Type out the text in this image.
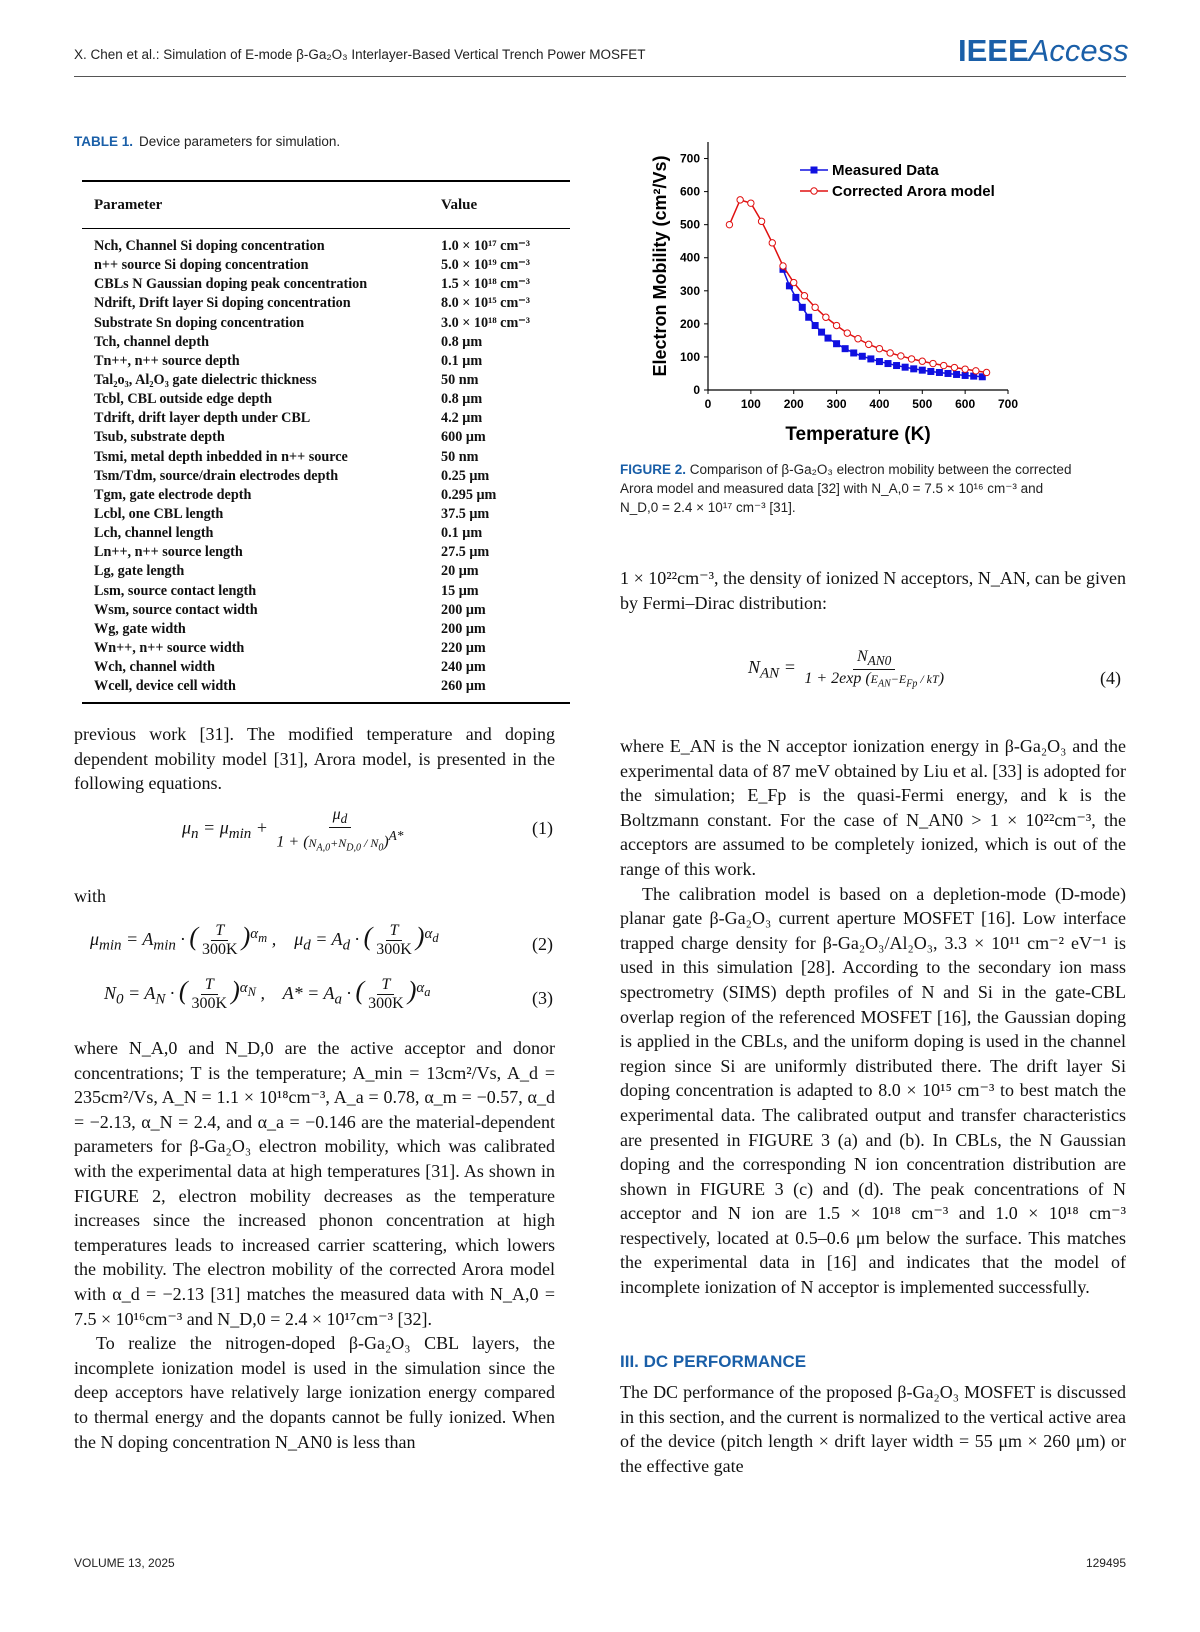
X. Chen et al.: Simulation of E-mode β-Ga₂O₃ Interlayer-Based Vertical Trench Power MOSFET	IEEEAccess
TABLE 1. Device parameters for simulation.
Parameter	Value
Nch, Channel Si doping concentration	1.0 × 10¹⁷ cm⁻³
n++ source Si doping concentration	5.0 × 10¹⁹ cm⁻³
CBLs N Gaussian doping peak concentration	1.5 × 10¹⁸ cm⁻³
Ndrift, Drift layer Si doping concentration	8.0 × 10¹⁵ cm⁻³
Substrate Sn doping concentration	3.0 × 10¹⁸ cm⁻³
Tch, channel depth	0.8 μm
Tn++, n++ source depth	0.1 μm
Tal₂o₃, Al₂O₃ gate dielectric thickness	50 nm
Tcbl, CBL outside edge depth	0.8 μm
Tdrift, drift layer depth under CBL	4.2 μm
Tsub, substrate depth	600 μm
Tsmi, metal depth inbedded in n++ source	50 nm
Tsm/Tdm, source/drain electrodes depth	0.25 μm
Tgm, gate electrode depth	0.295 μm
Lcbl, one CBL length	37.5 μm
Lch, channel length	0.1 μm
Ln++, n++ source length	27.5 μm
Lg, gate length	20 μm
Lsm, source contact length	15 μm
Wsm, source contact width	200 μm
Wg, gate width	200 μm
Wn++, n++ source width	220 μm
Wch, channel width	240 μm
Wcell, device cell width	260 μm

previous work [31]. The modified temperature and doping dependent mobility model [31], Arora model, is presented in the following equations.

$\mu_n = \mu_{min} + \frac{\mu_d}{1 + (N_{A,0}+N_{D,0} / N_0)^{A*}}$	(1)

with

$\mu_{min} = A_{min}$ · ( $\frac{T}{300K} )^{\alpha_m}$ ,    $\mu_d = A_d$ · ( $\frac{T}{300K} )^{\alpha_d}$	(2)
$N_0 = A_N$ · ( $\frac{T}{300K} )^{\alpha_N}$ ,    $A* = A_a$ · ( $\frac{T}{300K} )^{\alpha_a}$	(3)

where N_A,0 and N_D,0 are the active acceptor and donor concentrations; T is the temperature; A_min = 13cm²/Vs, A_d = 235cm²/Vs, A_N = 1.1 × 10¹⁸cm⁻³, A_a = 0.78, α_m = −0.57, α_d = −2.13, α_N = 2.4, and α_a = −0.146 are the material-dependent parameters for β-Ga₂O₃ electron mobility, which was calibrated with the experimental data at high temperatures [31]. As shown in FIGURE 2, electron mobility decreases as the temperature increases since the increased phonon concentration at high temperatures leads to increased carrier scattering, which lowers the mobility. The electron mobility of the corrected Arora model with α_d = −2.13 [31] matches the measured data with N_A,0 = 7.5 × 10¹⁶cm⁻³ and N_D,0 = 2.4 × 10¹⁷cm⁻³ [32].

To realize the nitrogen-doped β-Ga₂O₃ CBL layers, the incomplete ionization model is used in the simulation since the deep acceptors have relatively large ionization energy compared to thermal energy and the dopants cannot be fully ionized. When the N doping concentration N_AN0 is less than

0
100
200
300
400
500
600
700
0 100 200 300 400 500 600 700
Temperature (K)
Electron Mobility (cm²/Vs)	Measured Data
Corrected Arora model
FIGURE 2. Comparison of β-Ga₂O₃ electron mobility between the corrected Arora model and measured data [32] with N_A,0 = 7.5 × 10¹⁶ cm⁻³ and N_D,0 = 2.4 × 10¹⁷ cm⁻³ [31].

1 × 10²²cm⁻³, the density of ionized N acceptors, N_AN, can be given by Fermi–Dirac distribution:

$N_{AN} = \frac{N_{AN0}}{1 + 2\exp (E_{AN}-E_{Fp} / kT)}$	(4)

where E_AN is the N acceptor ionization energy in β-Ga₂O₃ and the experimental data of 87 meV obtained by Liu et al. [33] is adopted for the simulation; E_Fp is the quasi-Fermi energy, and k is the Boltzmann constant. For the case of N_AN0 > 1 × 10²²cm⁻³, the acceptors are assumed to be completely ionized, which is out of the range of this work.

The calibration model is based on a depletion-mode (D-mode) planar gate β-Ga₂O₃ current aperture MOSFET [16]. Low interface trapped charge density for β-Ga₂O₃/Al₂O₃, 3.3 × 10¹¹ cm⁻² eV⁻¹ is used in this simulation [28]. According to the secondary ion mass spectrometry (SIMS) depth profiles of N and Si in the gate-CBL overlap region of the referenced MOSFET [16], the Gaussian doping is applied in the CBLs, and the uniform doping is used in the channel region since Si are uniformly distributed there. The drift layer Si doping concentration is adapted to 8.0 × 10¹⁵ cm⁻³ to best match the experimental data. The calibrated output and transfer characteristics are presented in FIGURE 3 (a) and (b). In CBLs, the N Gaussian doping and the corresponding N ion concentration distribution are shown in FIGURE 3 (c) and (d). The peak concentrations of N acceptor and N ion are 1.5 × 10¹⁸ cm⁻³ and 1.0 × 10¹⁸ cm⁻³ respectively, located at 0.5–0.6 μm below the surface. This matches the experimental data in [16] and indicates that the model of incomplete ionization of N acceptor is implemented successfully.

III. DC PERFORMANCE

The DC performance of the proposed β-Ga₂O₃ MOSFET is discussed in this section, and the current is normalized to the vertical active area of the device (pitch length × drift layer width = 55 μm × 260 μm) or the effective gate

VOLUME 13, 2025	129495
